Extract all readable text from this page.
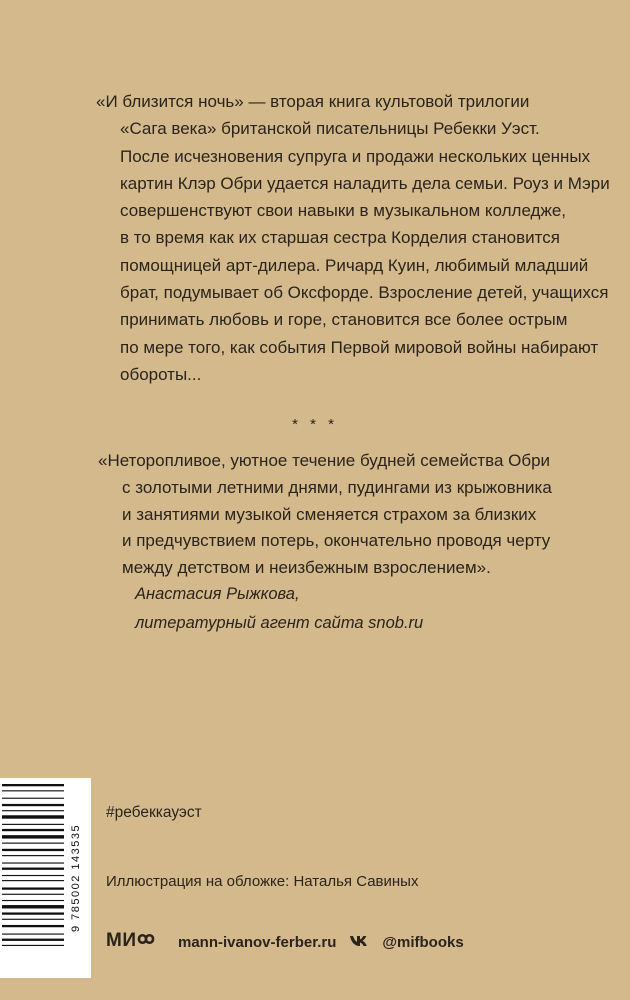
«И близится ночь» — вторая книга культовой трилогии
«Сага века» британской писательницы Ребекки Уэст.
После исчезновения супруга и продажи нескольких ценных
картин Клэр Обри удается наладить дела семьи. Роуз и Мэри
совершенствуют свои навыки в музыкальном колледже,
в то время как их старшая сестра Корделия становится
помощницей арт-дилера. Ричард Куин, любимый младший
брат, подумывает об Оксфорде. Взросление детей, учащихся
принимать любовь и горе, становится все более острым
по мере того, как события Первой мировой войны набирают
обороты...
* * *
«Неторопливое, уютное течение будней семейства Обри
с золотыми летними днями, пудингами из крыжовника
и занятиями музыкой сменяется страхом за близких
и предчувствием потерь, окончательно проводя черту
между детством и неизбежным взрослением».
Анастасия Рыжкова,
литературный агент сайта snob.ru
#ребеккауэст
Иллюстрация на обложке: Наталья Савиных
МИ	mann-ivanov-ferber.ru	@mifbooks
9 785002 143535
